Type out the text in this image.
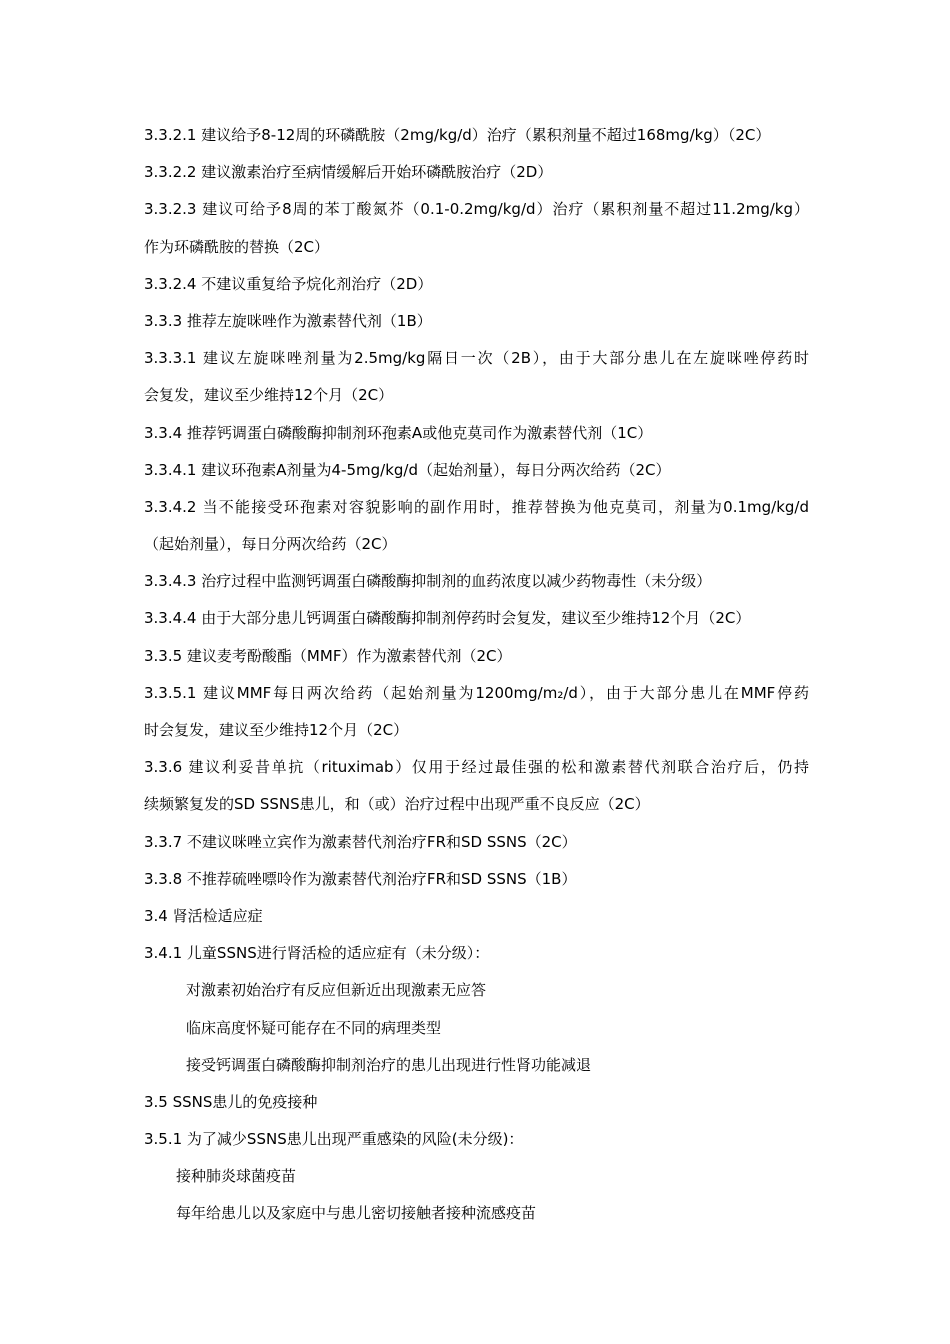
3.3.2.1 建议给予8-12周的环磷酰胺（2mg/kg/d）治疗（累积剂量不超过168mg/kg）（2C）
3.3.2.2 建议激素治疗至病情缓解后开始环磷酰胺治疗（2D）
3.3.2.3 建议可给予8周的苯丁酸氮芥（0.1-0.2mg/kg/d）治疗（累积剂量不超过11.2mg/kg）
作为环磷酰胺的替换（2C）
3.3.2.4 不建议重复给予烷化剂治疗（2D）
3.3.3 推荐左旋咪唑作为激素替代剂（1B）
3.3.3.1 建议左旋咪唑剂量为2.5mg/kg隔日一次（2B），由于大部分患儿在左旋咪唑停药时
会复发，建议至少维持12个月（2C）
3.3.4 推荐钙调蛋白磷酸酶抑制剂环孢素A或他克莫司作为激素替代剂（1C）
3.3.4.1 建议环孢素A剂量为4-5mg/kg/d（起始剂量），每日分两次给药（2C）
3.3.4.2 当不能接受环孢素对容貌影响的副作用时，推荐替换为他克莫司，剂量为0.1mg/kg/d
（起始剂量），每日分两次给药（2C）
3.3.4.3 治疗过程中监测钙调蛋白磷酸酶抑制剂的血药浓度以减少药物毒性（未分级）
3.3.4.4 由于大部分患儿钙调蛋白磷酸酶抑制剂停药时会复发，建议至少维持12个月（2C）
3.3.5 建议麦考酚酸酯（MMF）作为激素替代剂（2C）
3.3.5.1 建议MMF每日两次给药（起始剂量为1200mg/m₂/d），由于大部分患儿在MMF停药
时会复发，建议至少维持12个月（2C）
3.3.6 建议利妥昔单抗（rituximab）仅用于经过最佳强的松和激素替代剂联合治疗后，仍持
续频繁复发的SD SSNS患儿，和（或）治疗过程中出现严重不良反应（2C）
3.3.7 不建议咪唑立宾作为激素替代剂治疗FR和SD SSNS（2C）
3.3.8 不推荐硫唑嘌呤作为激素替代剂治疗FR和SD SSNS（1B）
3.4 肾活检适应症
3.4.1 儿童SSNS进行肾活检的适应症有（未分级）：
对激素初始治疗有反应但新近出现激素无应答
临床高度怀疑可能存在不同的病理类型
接受钙调蛋白磷酸酶抑制剂治疗的患儿出现进行性肾功能减退
3.5 SSNS患儿的免疫接种
3.5.1 为了减少SSNS患儿出现严重感染的风险(未分级)：
接种肺炎球菌疫苗
每年给患儿以及家庭中与患儿密切接触者接种流感疫苗
